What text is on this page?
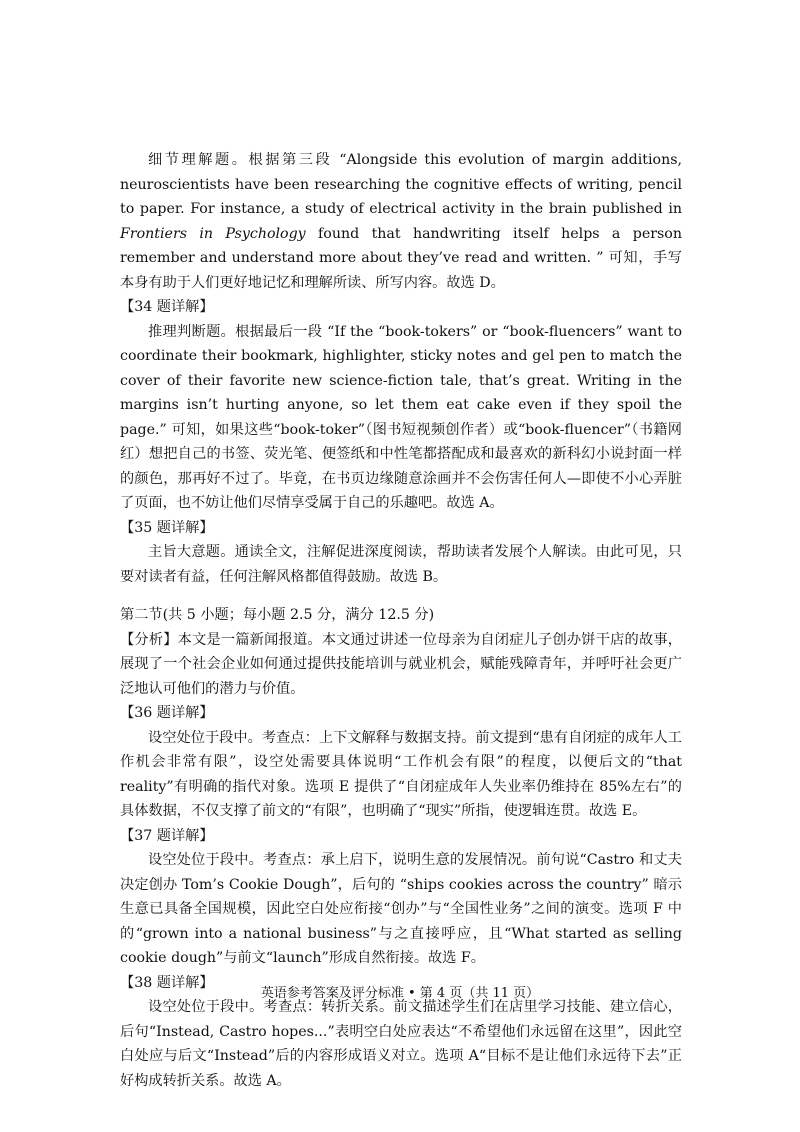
细节理解题。根据第三段 “Alongside this evolution of margin additions, neuroscientists have been researching the cognitive effects of writing, pencil to paper. For instance, a study of electrical activity in the brain published in Frontiers in Psychology found that handwriting itself helps a person remember and understand more about they’ve read and written. ” 可知，手写本身有助于人们更好地记忆和理解所读、所写内容。故选 D。

【34 题详解】

推理判断题。根据最后一段 “If the “book-tokers” or “book-fluencers” want to coordinate their bookmark, highlighter, sticky notes and gel pen to match the cover of their favorite new science-fiction tale, that’s great. Writing in the margins isn’t hurting anyone, so let them eat cake even if they spoil the page.” 可知，如果这些“book-toker”（图书短视频创作者）或“book-fluencer”（书籍网红）想把自己的书签、荧光笔、便签纸和中性笔都搭配成和最喜欢的新科幻小说封面一样的颜色，那再好不过了。毕竟，在书页边缘随意涂画并不会伤害任何人—即使不小心弄脏了页面，也不妨让他们尽情享受属于自己的乐趣吧。故选 A。

【35 题详解】

主旨大意题。通读全文，注解促进深度阅读，帮助读者发展个人解读。由此可见，只要对读者有益，任何注解风格都值得鼓励。故选 B。

第二节(共 5 小题；每小题 2.5 分，满分 12.5 分)

【分析】本文是一篇新闻报道。本文通过讲述一位母亲为自闭症儿子创办饼干店的故事，展现了一个社会企业如何通过提供技能培训与就业机会，赋能残障青年，并呼吁社会更广泛地认可他们的潜力与价值。

【36 题详解】

设空处位于段中。考查点：上下文解释与数据支持。前文提到“患有自闭症的成年人工作机会非常有限”，设空处需要具体说明“工作机会有限”的程度，以便后文的“that reality”有明确的指代对象。选项 E 提供了“自闭症成年人失业率仍维持在 85%左右”的具体数据，不仅支撑了前文的“有限”，也明确了“现实”所指，使逻辑连贯。故选 E。

【37 题详解】

设空处位于段中。考查点：承上启下，说明生意的发展情况。前句说“Castro 和丈夫决定创办 Tom’s Cookie Dough”，后句的 “ships cookies across the country” 暗示生意已具备全国规模，因此空白处应衔接“创办”与“全国性业务”之间的演变。选项 F 中的“grown into a national business”与之直接呼应，且“What started as selling cookie dough”与前文“launch”形成自然衔接。故选 F。

【38 题详解】

设空处位于段中。考查点：转折关系。前文描述学生们在店里学习技能、建立信心，后句“Instead, Castro hopes...”表明空白处应表达“不希望他们永远留在这里”，因此空白处应与后文“Instead”后的内容形成语义对立。选项 A“目标不是让他们永远待下去”正好构成转折关系。故选 A。

英语参考答案及评分标准 • 第 4 页（共 11 页）
